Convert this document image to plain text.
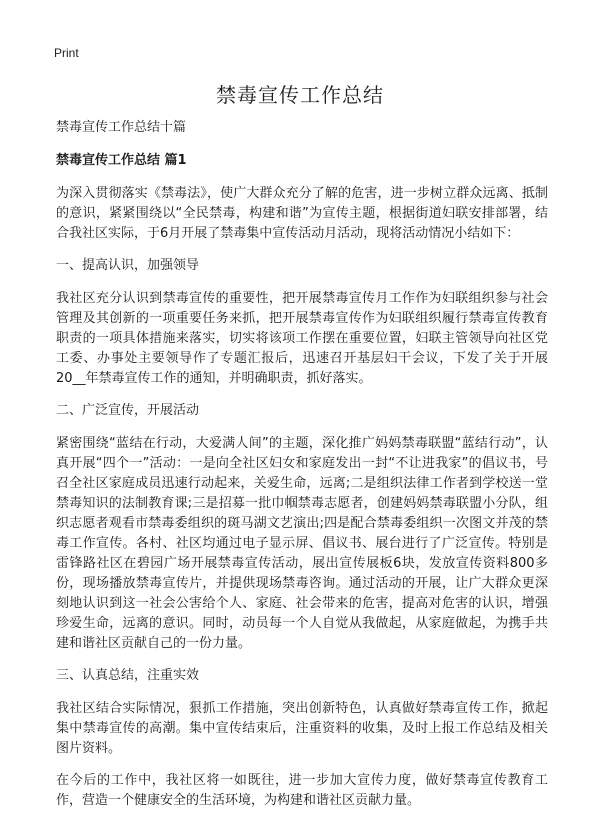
Print
禁毒宣传工作总结

禁毒宣传工作总结十篇

禁毒宣传工作总结 篇1

为深入贯彻落实《禁毒法》，使广大群众充分了解的危害，进一步树立群众远离、抵制的意识，紧紧围绕以“全民禁毒，构建和谐”为宣传主题，根据街道妇联安排部署，结合我社区实际，于6月开展了禁毒集中宣传活动月活动，现将活动情况小结如下：

一、提高认识，加强领导

我社区充分认识到禁毒宣传的重要性，把开展禁毒宣传月工作作为妇联组织参与社会管理及其创新的一项重要任务来抓，把开展禁毒宣传作为妇联组织履行禁毒宣传教育职责的一项具体措施来落实，切实将该项工作摆在重要位置，妇联主管领导向社区党工委、办事处主要领导作了专题汇报后，迅速召开基层妇干会议，下发了关于开展20__年禁毒宣传工作的通知，并明确职责，抓好落实。

二、广泛宣传，开展活动

紧密围绕“蓝结在行动，大爱满人间”的主题，深化推广妈妈禁毒联盟“蓝结行动”，认真开展“四个一”活动：一是向全社区妇女和家庭发出一封“不让进我家”的倡议书，号召全社区家庭成员迅速行动起来，关爱生命，远离;二是组织法律工作者到学校送一堂禁毒知识的法制教育课;三是招募一批巾帼禁毒志愿者，创建妈妈禁毒联盟小分队，组织志愿者观看市禁毒委组织的斑马湖文艺演出;四是配合禁毒委组织一次图文并茂的禁毒工作宣传。各村、社区均通过电子显示屏、倡议书、展台进行了广泛宣传。特别是雷锋路社区在碧园广场开展禁毒宣传活动，展出宣传展板6块，发放宣传资料800多份，现场播放禁毒宣传片，并提供现场禁毒咨询。通过活动的开展，让广大群众更深刻地认识到这一社会公害给个人、家庭、社会带来的危害，提高对危害的认识，增强珍爱生命，远离的意识。同时，动员每一个人自觉从我做起，从家庭做起，为携手共建和谐社区贡献自己的一份力量。

三、认真总结，注重实效

我社区结合实际情况，狠抓工作措施，突出创新特色，认真做好禁毒宣传工作，掀起集中禁毒宣传的高潮。集中宣传结束后，注重资料的收集，及时上报工作总结及相关图片资料。

在今后的工作中，我社区将一如既往，进一步加大宣传力度，做好禁毒宣传教育工作，营造一个健康安全的生活环境，为构建和谐社区贡献力量。
